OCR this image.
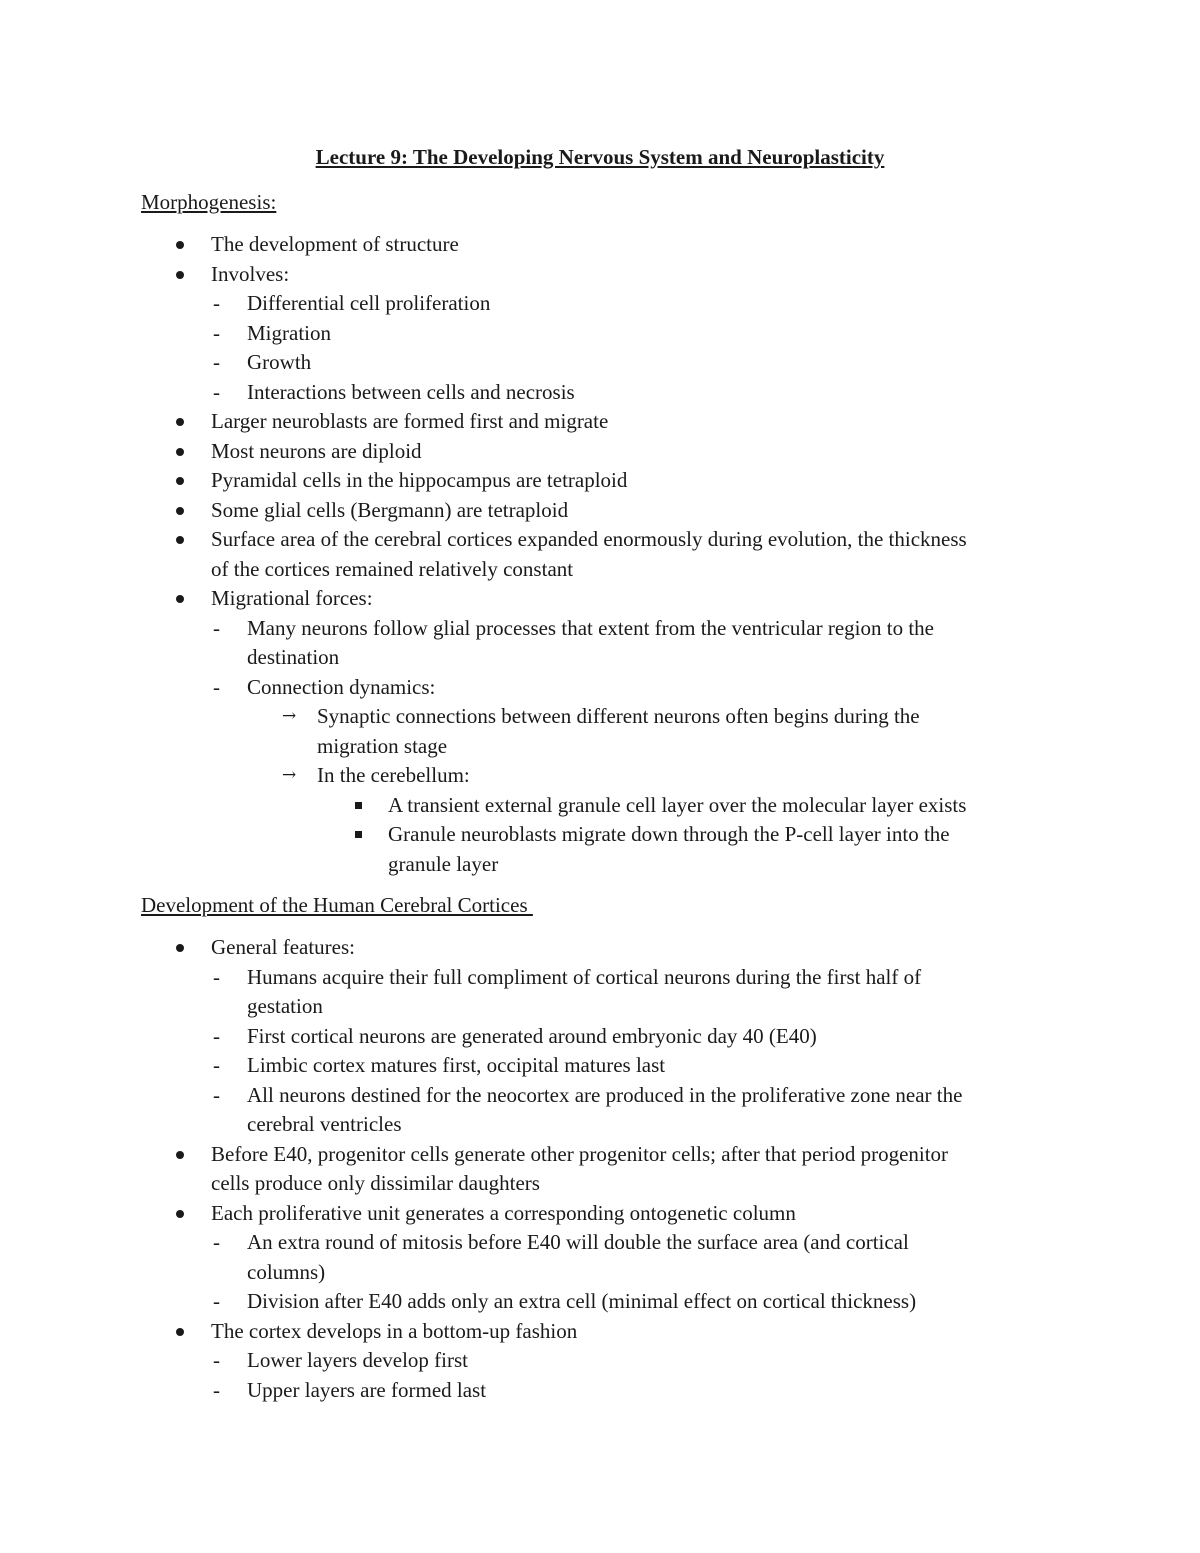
Lecture 9: The Developing Nervous System and Neuroplasticity
Morphogenesis:
The development of structure
Involves:
- Differential cell proliferation
- Migration
- Growth
- Interactions between cells and necrosis
Larger neuroblasts are formed first and migrate
Most neurons are diploid
Pyramidal cells in the hippocampus are tetraploid
Some glial cells (Bergmann) are tetraploid
Surface area of the cerebral cortices expanded enormously during evolution, the thickness
of the cortices remained relatively constant
Migrational forces:
- Many neurons follow glial processes that extent from the ventricular region to the
destination
- Connection dynamics:
→ Synaptic connections between different neurons often begins during the
migration stage
→ In the cerebellum:
A transient external granule cell layer over the molecular layer exists
Granule neuroblasts migrate down through the P-cell layer into the
granule layer
Development of the Human Cerebral Cortices
General features:
- Humans acquire their full compliment of cortical neurons during the first half of
gestation
- First cortical neurons are generated around embryonic day 40 (E40)
- Limbic cortex matures first, occipital matures last
- All neurons destined for the neocortex are produced in the proliferative zone near the
cerebral ventricles
Before E40, progenitor cells generate other progenitor cells; after that period progenitor
cells produce only dissimilar daughters
Each proliferative unit generates a corresponding ontogenetic column
- An extra round of mitosis before E40 will double the surface area (and cortical
columns)
- Division after E40 adds only an extra cell (minimal effect on cortical thickness)
The cortex develops in a bottom-up fashion
- Lower layers develop first
- Upper layers are formed last
